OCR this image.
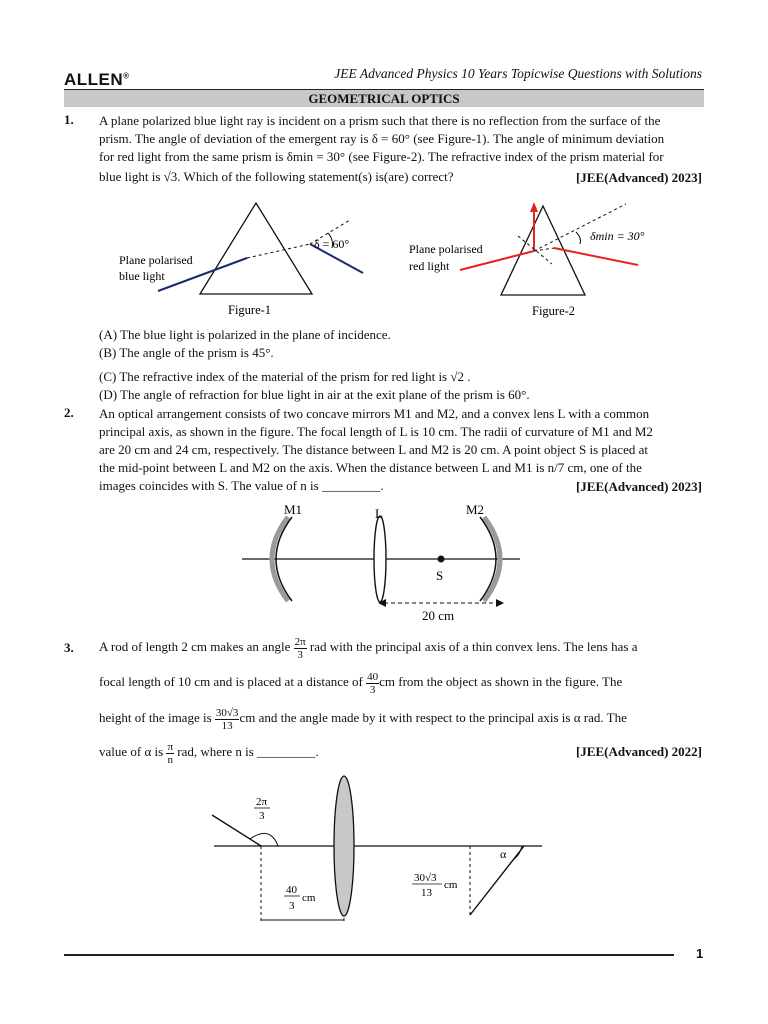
ALLEN®	JEE Advanced Physics 10 Years Topicwise Questions with Solutions
GEOMETRICAL OPTICS
1. A plane polarized blue light ray is incident on a prism such that there is no reflection from the surface of the
prism. The angle of deviation of the emergent ray is δ = 60° (see Figure-1). The angle of minimum deviation
for red light from the same prism is δmin = 30° (see Figure-2). The refractive index of the prism material for
blue light is √3. Which of the following statement(s) is(are) correct?	[JEE(Advanced) 2023]
δ = 60°
Plane polarised
blue light
Figure-1
δmin = 30°
Plane polarised
red light
Figure-2
(A) The blue light is polarized in the plane of incidence.
(B) The angle of the prism is 45°.
(C) The refractive index of the material of the prism for red light is √2 .
(D) The angle of refraction for blue light in air at the exit plane of the prism is 60°.
2. An optical arrangement consists of two concave mirrors M1 and M2, and a convex lens L with a common
principal axis, as shown in the figure. The focal length of L is 10 cm. The radii of curvature of M1 and M2
are 20 cm and 24 cm, respectively. The distance between L and M2 is 20 cm. A point object S is placed at
the mid-point between L and M2 on the axis. When the distance between L and M1 is n/7 cm, one of the
images coincides with S. The value of n is _________.	[JEE(Advanced) 2023]
M1	L	M2
S
20 cm
3. A rod of length 2 cm makes an angle $\frac{2\pi}{3}$ rad with the principal axis of a thin convex lens. The lens has a
focal length of 10 cm and is placed at a distance of $\frac{40}{3}$ cm from the object as shown in the figure. The
height of the image is $\frac{30√3}{13}$ cm and the angle made by it with respect to the principal axis is α rad. The
value of α is $\frac{\pi}{n}$ rad, where n is _________.	[JEE(Advanced) 2022]
2π
3
40
3
cm
30√3
13
cm
α
1
